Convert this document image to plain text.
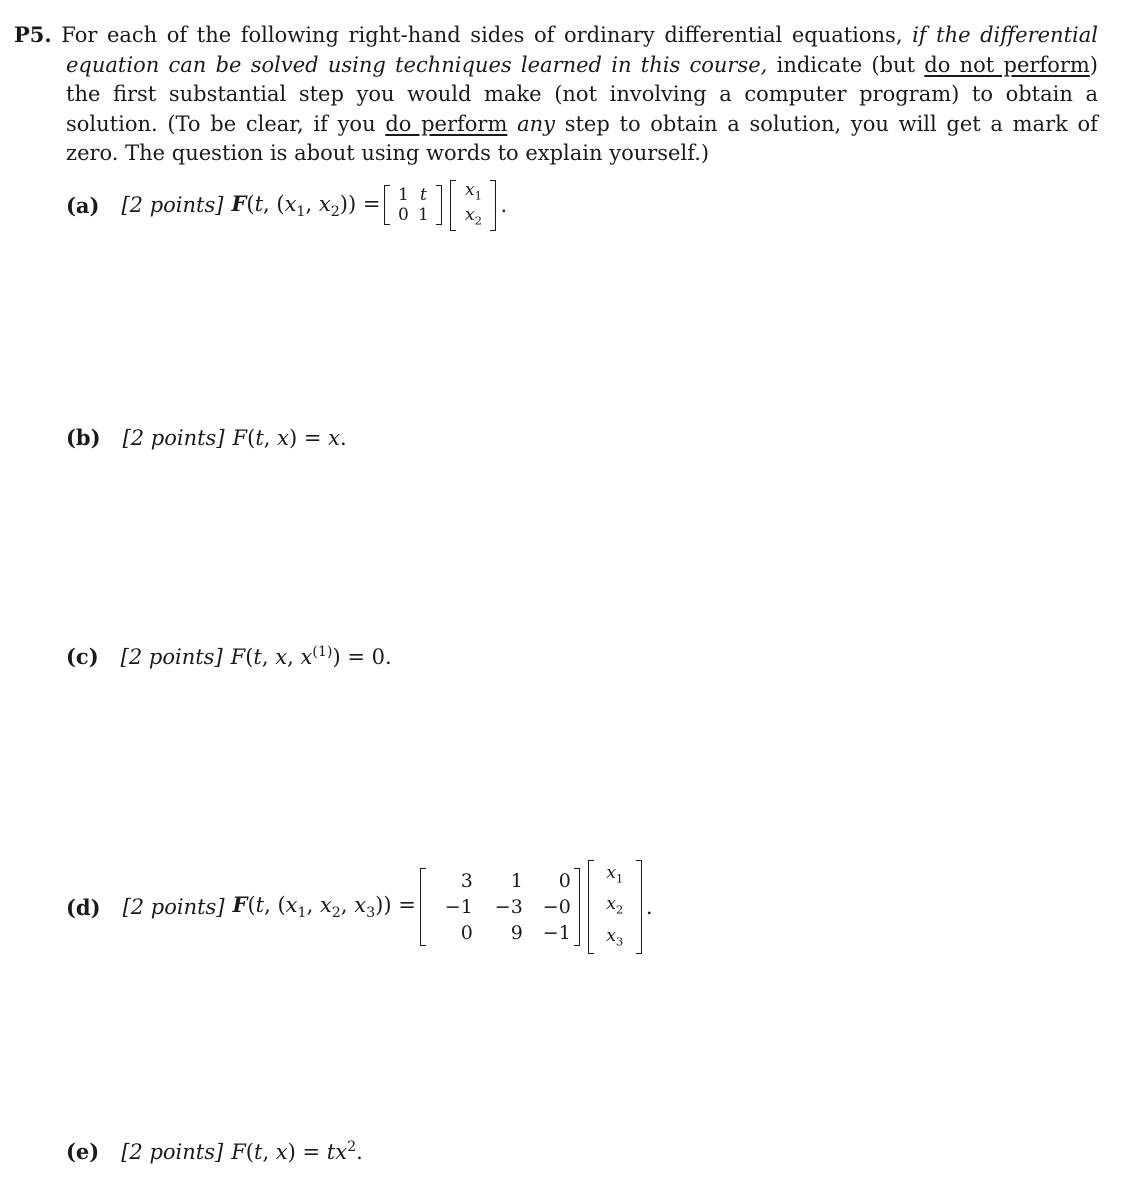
P5. For each of the following right-hand sides of ordinary differential equations, if the differential equation can be solved using techniques learned in this course, indicate (but do not perform) the first substantial step you would make (not involving a computer program) to obtain a solution. (To be clear, if you do perform any step to obtain a solution, you will get a mark of zero. The question is about using words to explain yourself.)
(a) [2 points] F(t, ($x_1$, $x_2)) = 1$ t
0 1
$x_1$
$x_2$
.
(b) [2 points] F(t, x) = x.
(c) [2 points] F(t, x, $x^{(1)}) = 0$.
(d) [2 points] F(t, ($x_1$, $x_2$, $x_3$)) =
3	1	0
−1	−3	−0
0	9	−1
$x_1$
$x_2$
$x_3$
.
(e) [2 points] F(t, $x) = tx^2$.
